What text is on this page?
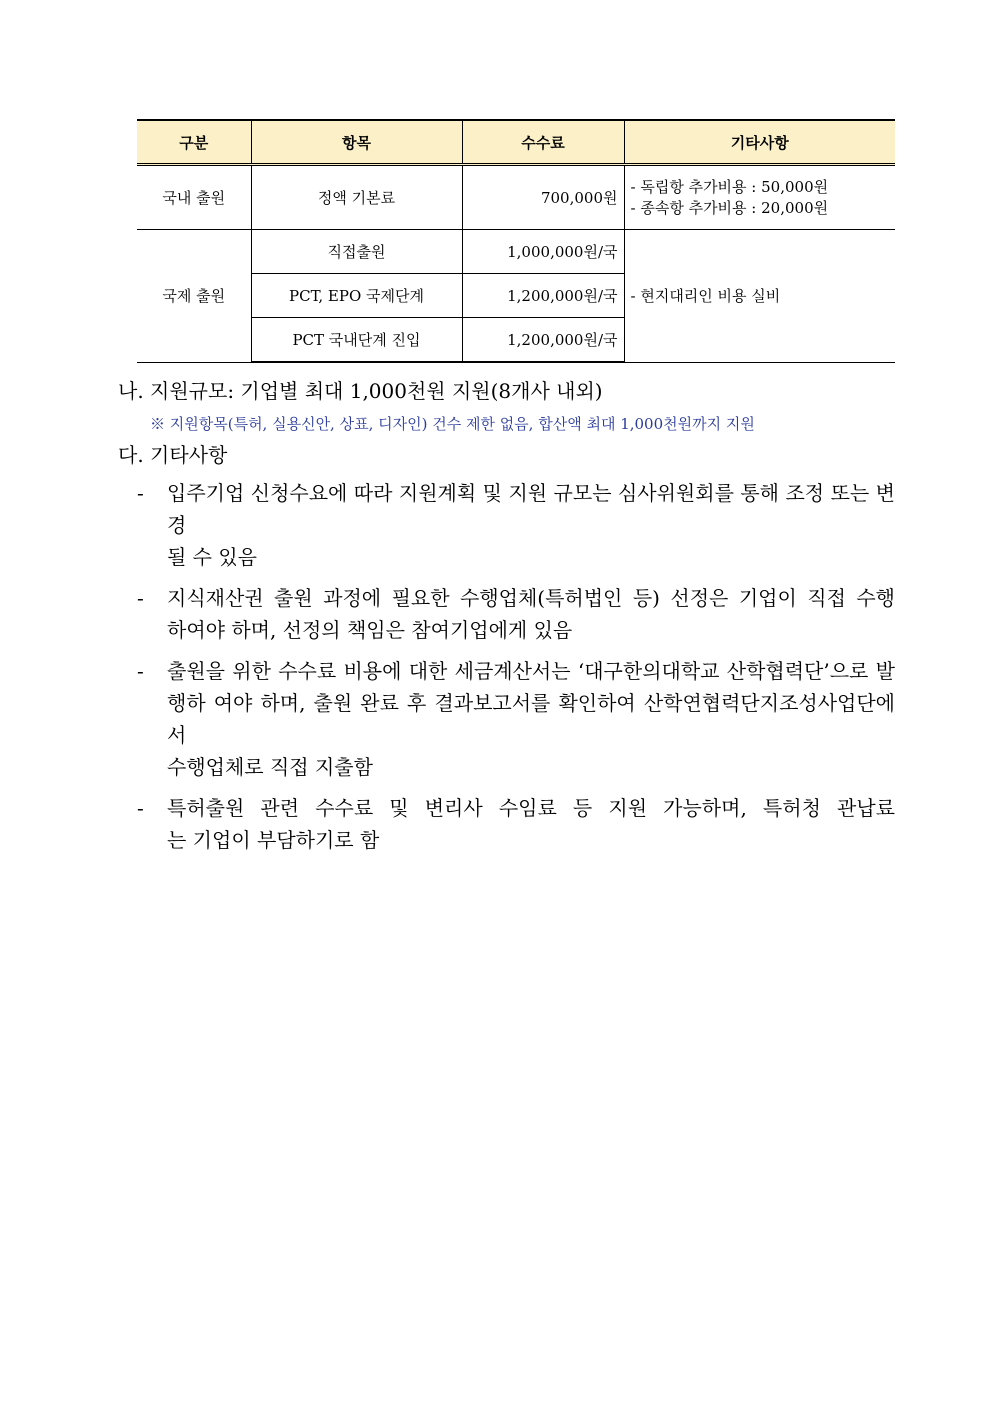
구분	항목	수수료	기타사항
국내 출원	정액 기본료	700,000원	- 독립항 추가비용 : 50,000원
- 종속항 추가비용 : 20,000원

국제 출원	직접출원	1,000,000원/국	- 현지대리인 비용 실비
	PCT, EPO 국제단계	1,200,000원/국	
	PCT 국내단계 진입	1,200,000원/국	
나. 지원규모: 기업별 최대 1,000천원 지원(8개사 내외)
※ 지원항목(특허, 실용신안, 상표, 디자인) 건수 제한 없음, 합산액 최대 1,000천원까지 지원
다. 기타사항
- 입주기업 신청수요에 따라 지원계획 및 지원 규모는 심사위원회를 통해 조정 또는 변경
될 수 있음
- 지식재산권 출원 과정에 필요한 수행업체(특허법인 등) 선정은 기업이 직접 수행
하여야 하며, 선정의 책임은 참여기업에게 있음
- 출원을 위한 수수료 비용에 대한 세금계산서는 ‘대구한의대학교 산학협력단’으로 발행하 여야 하며, 출원 완료 후 결과보고서를 확인하여 산학연협력단지조성사업단에서
수행업체로 직접 지출함
- 특허출원 관련 수수료 및 변리사 수임료 등 지원 가능하며, 특허청 관납료
는 기업이 부담하기로 함
